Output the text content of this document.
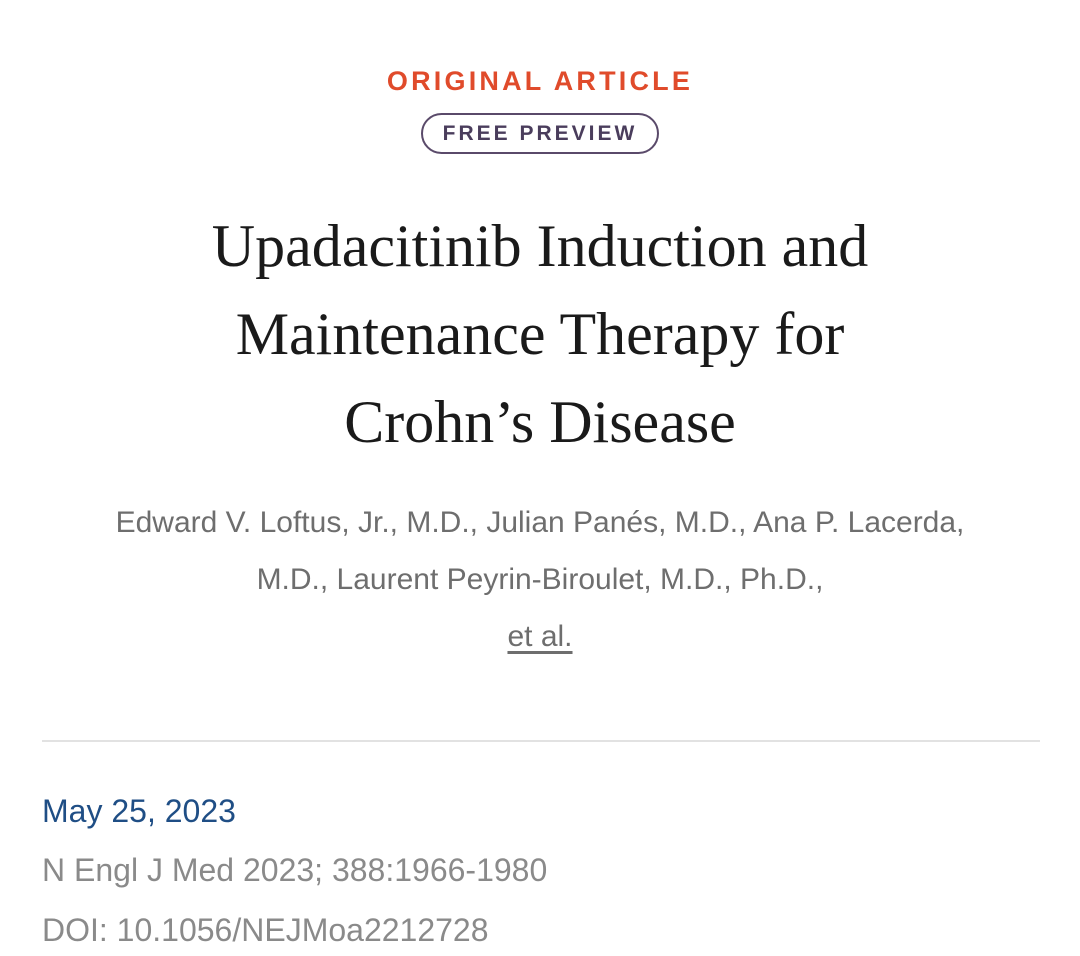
ORIGINAL ARTICLE
FREE PREVIEW
Upadacitinib Induction and
Maintenance Therapy for
Crohn’s Disease

Edward V. Loftus, Jr., M.D., Julian Panés, M.D., Ana P. Lacerda, M.D., Laurent Peyrin-Biroulet, M.D., Ph.D.,
et al.

May 25, 2023
N Engl J Med 2023; 388:1966-1980
DOI: 10.1056/NEJMoa2212728
